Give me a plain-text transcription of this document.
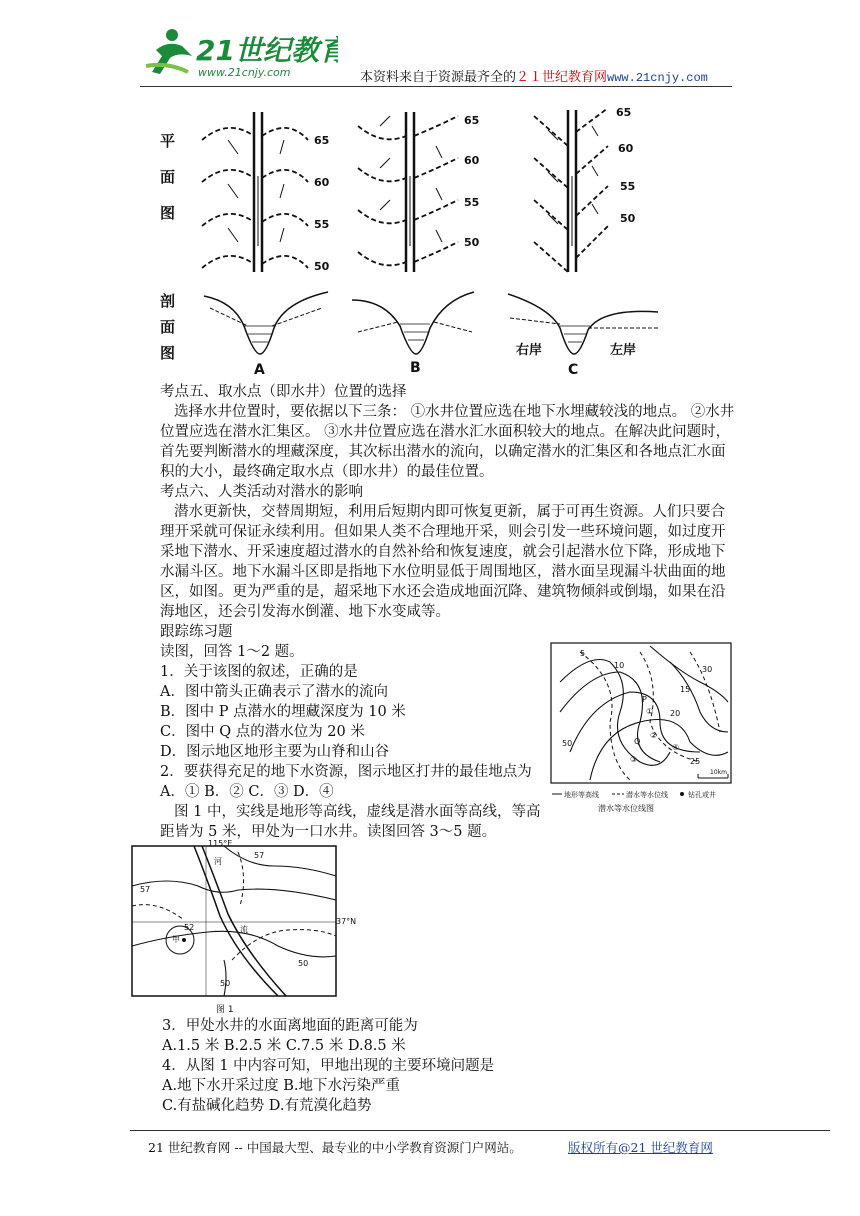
21世纪教育
www.21cnjy.com	本资料来自于资源最齐全的２１世纪教育网www.21cnjy.com
平
面
图
剖
面
图
65
60
55
50
65
60
55
50
65
60
55
50
A	B	C
右岸	左岸
考点五、取水点（即水井）位置的选择

选择水井位置时，要依据以下三条： ①水井位置应选在地下水埋藏较浅的地点。 ②水井位置应选在潜水汇集区。 ③水井位置应选在潜水汇水面积较大的地点。在解决此问题时，首先要判断潜水的埋藏深度，其次标出潜水的流向，以确定潜水的汇集区和各地点汇水面积的大小，最终确定取水点（即水井）的最佳位置。

考点六、人类活动对潜水的影响

潜水更新快，交替周期短，利用后短期内即可恢复更新，属于可再生资源。人们只要合理开采就可保证永续利用。但如果人类不合理地开采，则会引发一些环境问题，如过度开采地下潜水、开采速度超过潜水的自然补给和恢复速度，就会引起潜水位下降，形成地下水漏斗区。地下水漏斗区即是指地下水位明显低于周围地区，潜水面呈现漏斗状曲面的地区，如图。更为严重的是，超采地下水还会造成地面沉降、建筑物倾斜或倒塌，如果在沿海地区，还会引发海水倒灌、地下水变咸等。

跟踪练习题
读图，回答 1～2 题。
1．关于该图的叙述，正确的是
A．图中箭头正确表示了潜水的流向
B．图中 P 点潜水的埋藏深度为 10 米
C．图中 Q 点的潜水位为 20 米
D．图示地区地形主要为山脊和山谷
2．要获得充足的地下水资源，图示地区打井的最佳地点为
A．① B．② C．③ D．④
图 1 中，实线是地形等高线，虚线是潜水面等高线，等高
距皆为 5 米，甲处为一口水井。读图回答 3～5 题。
5
10
15
20
25
30
50
P
Q
①
②
③
④
10km
地形等高线	潜水等水位线	钻孔或井
潜水等水位线图
115°E
37°N
河
流
甲
57
57
52
50
50
图 1
3．甲处水井的水面离地面的距离可能为
A.1.5 米 B.2.5 米 C.7.5 米 D.8.5 米
4．从图 1 中内容可知，甲地出现的主要环境问题是
A.地下水开采过度 B.地下水污染严重
C.有盐碱化趋势 D.有荒漠化趋势
21 世纪教育网 -- 中国最大型、最专业的中小学教育资源门户网站。	版权所有@21 世纪教育网
